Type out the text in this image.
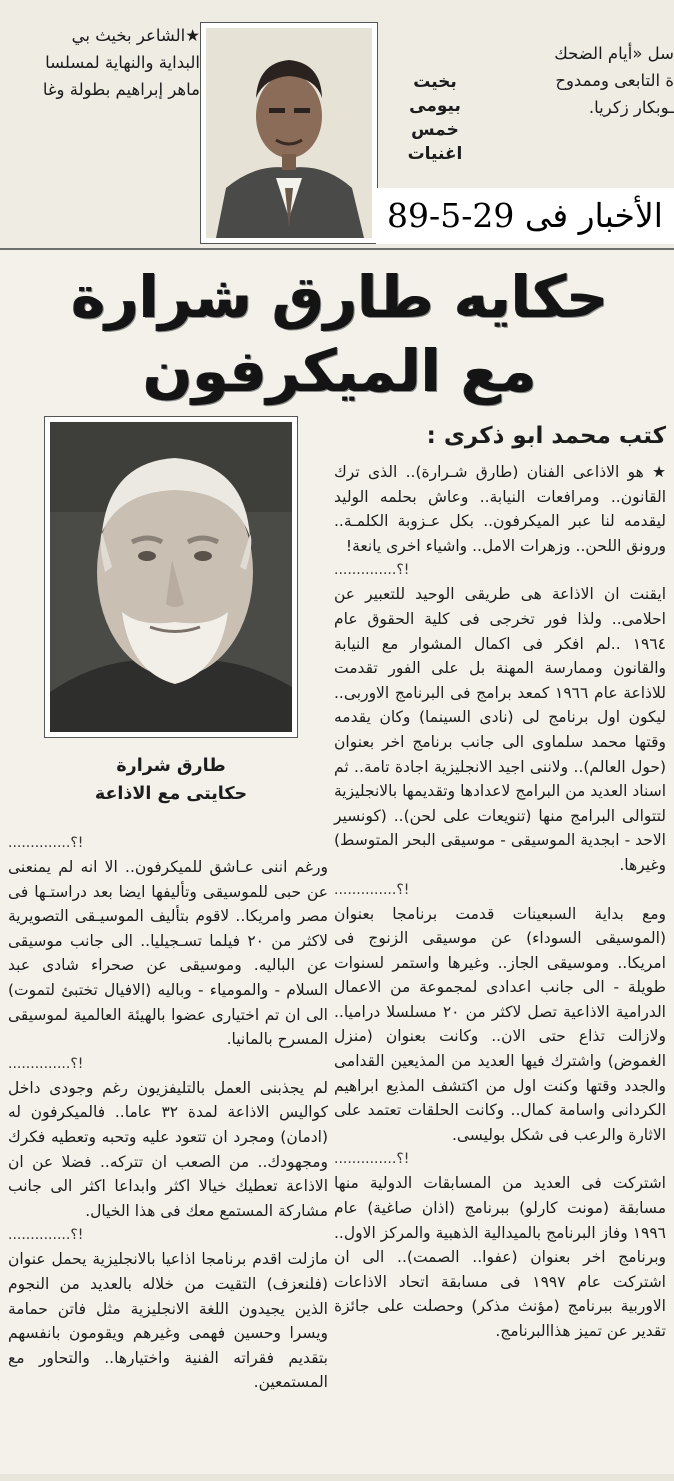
★الشاعر بخيث بي
البداية والنهاية لمسلسا
ماهر إبراهيم بطولة وغا	بخيت
بيومى
خمس
اغنيات
سل «أيام الضحك
ة التابعى وممدوح
ـوبكار زكريا.
الأخبار فى 29-5-89
حكايه طارق شرارة
مع الميكرفون
كتب محمد ابو ذكرى :
طارق شرارة
حكايتى مع الاذاعة

★ هو الاذاعى الفنان (طارق شـرارة).. الذى ترك القانون.. ومرافعات النيابة.. وعاش بحلمه الوليد ليقدمه لنا عبر الميكرفون.. بكل عـزوبة الكلمـة.. ورونق اللحن.. وزهرات الامل.. واشياء اخرى يانعة!

..............؟!

ايقنت ان الاذاعة هى طريقى الوحيد للتعبير عن احلامى.. ولذا فور تخرجى فى كلية الحقوق عام ١٩٦٤ ..لم افكر فى اكمال المشوار مع النيابة والقانون وممارسة المهنة بل على الفور تقدمت للاذاعة عام ١٩٦٦ كمعد برامج فى البرنامج الاوربى.. ليكون اول برنامج لى (نادى السينما) وكان يقدمه وقتها محمد سلماوى الى جانب برنامج اخر بعنوان (حول العالم).. ولاننى اجيد الانجليزية اجادة تامة.. ثم اسناد العديد من البرامج لاعدادها وتقديمها بالانجليزية لتتوالى البرامج منها (تنويعات على لحن).. (كونسير الاحد - ابجدية الموسيقى - موسيقى البحر المتوسط) وغيرها.

..............؟!

ومع بداية السبعينات قدمت برنامجا بعنوان (الموسيقى السوداء) عن موسيقى الزنوج فى امريكا.. وموسيقى الجاز.. وغيرها واستمر لسنوات طويلة - الى جانب اعدادى لمجموعة من الاعمال الدرامية الاذاعية تصل لاكثر من ٢٠ مسلسلا دراميا.. ولازالت تذاع حتى الان.. وكانت بعنوان (منزل الغموض) واشترك فيها العديد من المذيعين القدامى والجدد وقتها وكنت اول من اكتشف المذيع ابراهيم الكردانى واسامة كمال.. وكانت الحلقات تعتمد على الاثارة والرعب فى شكل بوليسى.

..............؟!

اشتركت فى العديد من المسابقات الدولية منها مسابقة (مونت كارلو) ببرنامج (اذان صاغية) عام ١٩٩٦ وفاز البرنامج بالميدالية الذهبية والمركز الاول.. وبرنامج اخر بعنوان (عفوا.. الصمت).. الى ان اشتركت عام ١٩٩٧ فى مسابقة اتحاد الاذاعات الاوربية ببرنامج (مؤنث مذكر) وحصلت على جائزة تقدير عن تميز هذاالبرنامج.

..............؟!

ورغم اننى عـاشق للميكرفون.. الا انه لم يمنعنى عن حبى للموسيقى وتأليفها ايضا بعد دراستـها فى مصر وامريكا.. لاقوم بتأليف الموسيـقى التصويرية لاكثر من ٢٠ فيلما تسـجيليا.. الى جانب موسيقى عن الباليه. وموسيقى عن صحراء شادى عبد السلام - والمومياء - وباليه (الافيال تختبئ لتموت) الى ان تم اختيارى عضوا بالهيئة العالمية لموسيقى المسرح بالمانيا.

..............؟!

لم يجذبنى العمل بالتليفزيون رغم وجودى داخل كواليس الاذاعة لمدة ٣٢ عاما.. فالميكرفون له (ادمان) ومجرد ان تتعود عليه وتحبه وتعطيه فكرك ومجهودك.. من الصعب ان تتركه.. فضلا عن ان الاذاعة تعطيك خيالا اكثر وابداعا اكثر الى جانب مشاركة المستمع معك فى هذا الخيال.

..............؟!

مازلت اقدم برنامجا اذاعيا بالانجليزية يحمل عنوان (فلنعزف) التقيت من خلاله بالعديد من النجوم الذين يجيدون اللغة الانجليزية مثل فاتن حمامة ويسرا وحسين فهمى وغيرهم ويقومون بانفسهم بتقديم فقراته الفنية واختيارها.. والتحاور مع المستمعين.
